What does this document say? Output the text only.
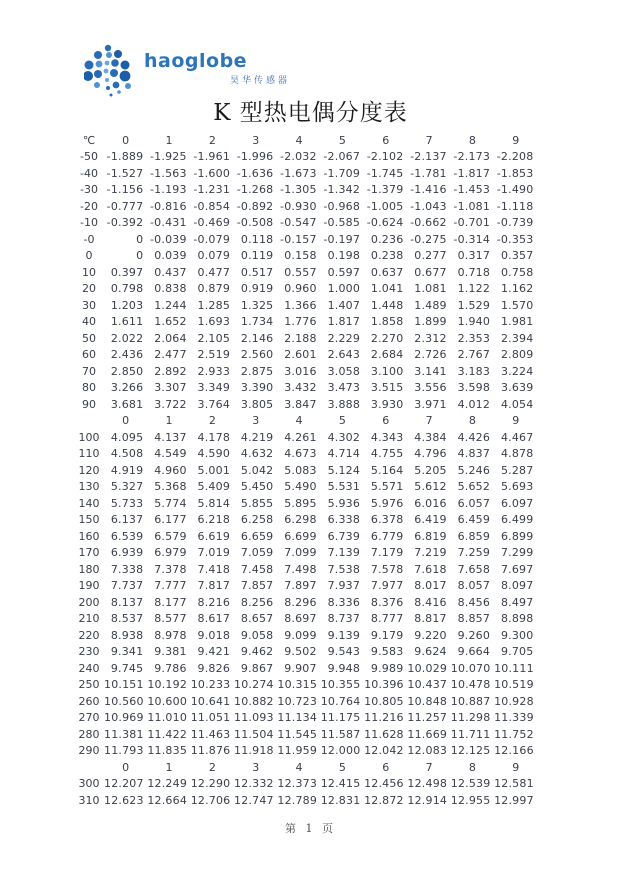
haoglobe
昊华传感器
K 型热电偶分度表
℃	0	1	2	3	4	5	6	7	8	9
-50 -1.889 -1.925 -1.961 -1.996 -2.032 -2.067 -2.102 -2.137 -2.173 -2.208
-40 -1.527 -1.563 -1.600 -1.636 -1.673 -1.709 -1.745 -1.781 -1.817 -1.853
-30 -1.156 -1.193 -1.231 -1.268 -1.305 -1.342 -1.379 -1.416 -1.453 -1.490
-20 -0.777 -0.816 -0.854 -0.892 -0.930 -0.968 -1.005 -1.043 -1.081 -1.118
-10 -0.392 -0.431 -0.469 -0.508 -0.547 -0.585 -0.624 -0.662 -0.701 -0.739
-0	0 -0.039 -0.079 0.118 -0.157 -0.197 0.236 -0.275 -0.314 -0.353
0	0 0.039 0.079 0.119 0.158 0.198 0.238 0.277 0.317 0.357
10	0.397 0.437 0.477 0.517 0.557 0.597 0.637 0.677 0.718 0.758
20	0.798 0.838 0.879 0.919 0.960 1.000 1.041 1.081 1.122 1.162
30	1.203 1.244 1.285 1.325 1.366 1.407 1.448 1.489 1.529 1.570
40	1.611 1.652 1.693 1.734 1.776 1.817 1.858 1.899 1.940 1.981
50	2.022 2.064 2.105 2.146 2.188 2.229 2.270 2.312 2.353 2.394
60	2.436 2.477 2.519 2.560 2.601 2.643 2.684 2.726 2.767 2.809
70	2.850 2.892 2.933 2.875 3.016 3.058 3.100 3.141 3.183 3.224
80	3.266 3.307 3.349 3.390 3.432 3.473 3.515 3.556 3.598 3.639
90	3.681 3.722 3.764 3.805 3.847 3.888 3.930 3.971 4.012 4.054
0	1	2	3	4	5	6	7	8	9
100	4.095 4.137 4.178 4.219 4.261 4.302 4.343 4.384 4.426 4.467
110	4.508 4.549 4.590 4.632 4.673 4.714 4.755 4.796 4.837 4.878
120	4.919 4.960 5.001 5.042 5.083 5.124 5.164 5.205 5.246 5.287
130	5.327 5.368 5.409 5.450 5.490 5.531 5.571 5.612 5.652 5.693
140	5.733 5.774 5.814 5.855 5.895 5.936 5.976 6.016 6.057 6.097
150	6.137 6.177 6.218 6.258 6.298 6.338 6.378 6.419 6.459 6.499
160	6.539 6.579 6.619 6.659 6.699 6.739 6.779 6.819 6.859 6.899
170	6.939 6.979 7.019 7.059 7.099 7.139 7.179 7.219 7.259 7.299
180	7.338 7.378 7.418 7.458 7.498 7.538 7.578 7.618 7.658 7.697
190	7.737 7.777 7.817 7.857 7.897 7.937 7.977 8.017 8.057 8.097
200	8.137 8.177 8.216 8.256 8.296 8.336 8.376 8.416 8.456 8.497
210	8.537 8.577 8.617 8.657 8.697 8.737 8.777 8.817 8.857 8.898
220	8.938 8.978 9.018 9.058 9.099 9.139 9.179 9.220 9.260 9.300
230	9.341 9.381 9.421 9.462 9.502 9.543 9.583 9.624 9.664 9.705
240	9.745 9.786 9.826 9.867 9.907 9.948 9.989 10.029 10.070 10.111
250 10.151 10.192 10.233 10.274 10.315 10.355 10.396 10.437 10.478 10.519
260 10.560 10.600 10.641 10.882 10.723 10.764 10.805 10.848 10.887 10.928
270 10.969 11.010 11.051 11.093 11.134 11.175 11.216 11.257 11.298 11.339
280 11.381 11.422 11.463 11.504 11.545 11.587 11.628 11.669 11.711 11.752
290 11.793 11.835 11.876 11.918 11.959 12.000 12.042 12.083 12.125 12.166
0	1	2	3	4	5	6	7	8	9
300 12.207 12.249 12.290 12.332 12.373 12.415 12.456 12.498 12.539 12.581
310 12.623 12.664 12.706 12.747 12.789 12.831 12.872 12.914 12.955 12.997
第 1 页
